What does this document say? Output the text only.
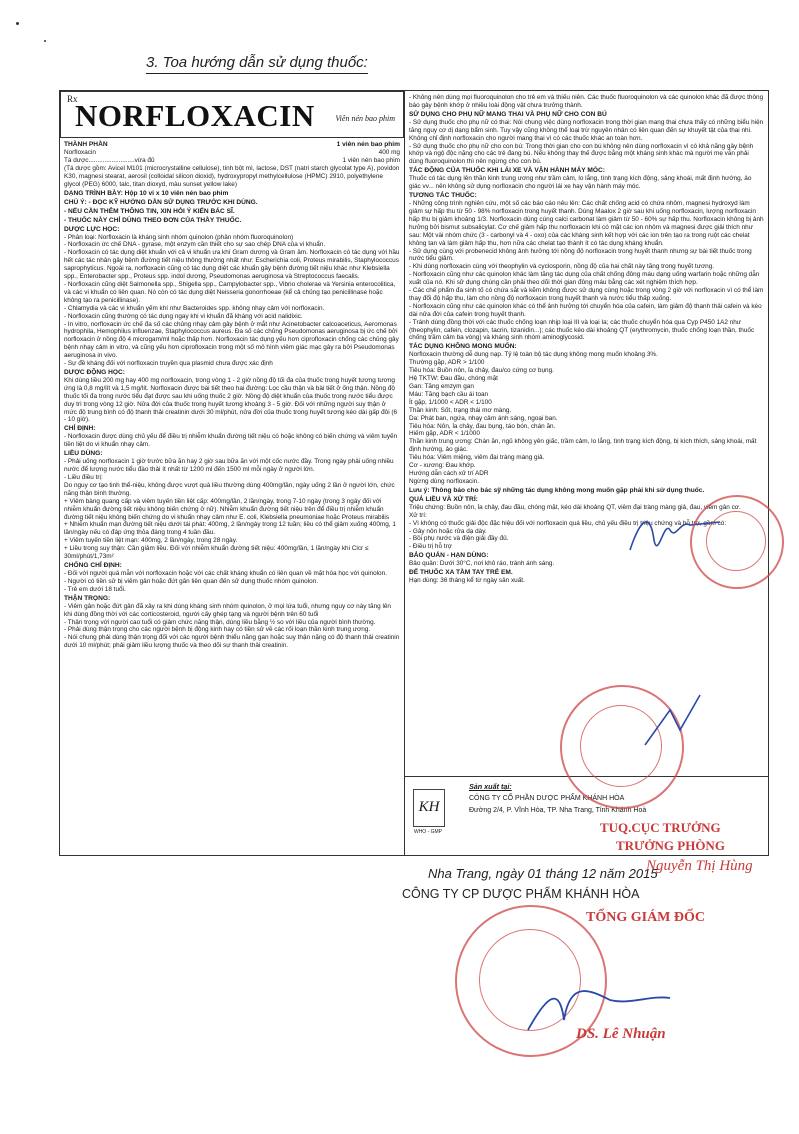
3. Toa hướng dẫn sử dụng thuốc:
Rx
NORFLOXACIN	Viên nén bao phim
THÀNH PHẦN	1 viên nén bao phim
Norfloxacin	400 mg
Tá dược..........................vừa đủ	1 viên nén bao phim
(Tá dược gồm: Avicel M101 (microcrystalline cellulose), tinh bột mì, lactose, DST (natri starch glycolat type A), povidon K30, magnesi stearat, aerosil (colloidal silicon dioxid), hydroxypropyl methylcellulose (HPMC) 2910, polyethylene glycol (PEG) 6000, talc, titan dioxyd, màu sunset yellow lake)
DẠNG TRÌNH BÀY: Hộp 10 vỉ x 10 viên nén bao phim
CHÚ Ý: - ĐỌC KỸ HƯỚNG DẪN SỬ DỤNG TRƯỚC KHI DÙNG.
- NẾU CẦN THÊM THÔNG TIN, XIN HỎI Ý KIẾN BÁC SĨ.
- THUỐC NÀY CHỈ DÙNG THEO ĐƠN CỦA THẦY THUỐC.
DƯỢC LỰC HỌC:
- Phân loại: Norfloxacin là kháng sinh nhóm quinolon (phân nhóm fluoroquinolon)
- Norfloxacin ức chế DNA - gyrase, một enzym cần thiết cho sự sao chép DNA của vi khuẩn.
- Norfloxacin có tác dụng diệt khuẩn với cả vi khuẩn ưa khí Gram dương và Gram âm. Norfloxacin có tác dụng với hầu hết các tác nhân gây bệnh đường tiết niệu thông thường nhất như: Escherichia coli, Proteus mirabilis, Staphylococcus saprophyticus. Ngoài ra, norfloxacin cũng có tác dụng diệt các khuẩn gây bệnh đường tiết niệu khác như Klebsiella spp., Enterobacter spp., Proteus spp. indol dương, Pseudomonas aeruginosa và Streptococcus faecalis.
- Norfloxacin cũng diệt Salmonella spp., Shigella spp., Campylobacter spp., Vibrio cholerae và Yersinia enterocolitica, và các vi khuẩn có liên quan. Nó còn có tác dụng diệt Neisseria gonorrhoeae (kể cả chủng tạo penicillinase hoặc không tạo ra penicillinase).
- Chlamydia và các vi khuẩn yếm khí như Bacteroides spp. không nhạy cảm với norfloxacin.
- Norfloxacin cũng thường có tác dụng ngay khi vi khuẩn đã kháng với acid nalidixic.
- In vitro, norfloxacin ức chế đa số các chủng nhạy cảm gây bệnh ở mắt như Acinetobacter calcoaceticus, Aeromonas hydrophila, Hemophilus influenzae, Staphylococcus aureus. Đa số các chủng Pseudomonas aeruginosa bị ức chế bởi norfloxacin ở nồng độ 4 microgam/ml hoặc thấp hơn. Norfloxacin tác dụng yếu hơn ciprofloxacin chống các chủng gây bệnh nhạy cảm in vitro, và cũng yếu hơn ciprofloxacin trong một số mô hình viêm giác mạc gây ra bởi Pseudomonas aeruginosa in vivo.
- Sự đề kháng đối với norfloxacin truyền qua plasmid chưa được xác định
DƯỢC ĐỘNG HỌC:
Khi dùng liều 200 mg hay 400 mg norfloxacin, trong vòng 1 - 2 giờ nồng độ tối đa của thuốc trong huyết tương tương ứng là 0,8 mg/lít và 1,5 mg/lít. Norfloxacin được bài tiết theo hai đường: Lọc cầu thận và bài tiết ở ống thận. Nồng độ thuốc tối đa trong nước tiểu đạt được sau khi uống thuốc 2 giờ. Nồng độ diệt khuẩn của thuốc trong nước tiểu được duy trì trong vòng 12 giờ. Nửa đời của thuốc trong huyết tương khoảng 3 - 5 giờ. Đối với những người suy thận ở mức độ trung bình có độ thanh thải creatinin dưới 30 ml/phút, nửa đời của thuốc trong huyết tương kéo dài gấp đôi (6 - 10 giờ).
CHỈ ĐỊNH:
- Norfloxacin được dùng chủ yếu để điều trị nhiễm khuẩn đường tiết niệu có hoặc không có biến chứng và viêm tuyến tiền liệt do vi khuẩn nhạy cảm.
LIỀU DÙNG:
- Phải uống norfloxacin 1 giờ trước bữa ăn hay 2 giờ sau bữa ăn với một cốc nước đầy. Trong ngày phải uống nhiều nước để lượng nước tiểu đào thải ít nhất từ 1200 ml đến 1500 ml mỗi ngày ở người lớn.
- Liều điều trị:
Do nguy cơ tạo tinh thể-niệu, không được vượt quá liều thường dùng 400mg/lần, ngày uống 2 lần ở người lớn, chức năng thận bình thường.
+ Viêm bàng quang cấp và viêm tuyến tiền liệt cấp: 400mg/lần, 2 lần/ngày, trong 7-10 ngày (trong 3 ngày đối với nhiễm khuẩn đường tiết niệu không biến chứng ở nữ). Nhiễm khuẩn đường tiết niệu trên để điều trị nhiễm khuẩn đường tiết niệu không biến chứng do vi khuẩn nhạy cảm như E. coli, Klebsiella pneumoniae hoặc Proteus mirabilis
+ Nhiễm khuẩn mạn đường tiết niệu dưới tái phát: 400mg, 2 lần/ngày trong 12 tuần; liều có thể giảm xuống 400mg, 1 lần/ngày nếu có đáp ứng thỏa đáng trong 4 tuần đầu.
+ Viêm tuyến tiền liệt mạn: 400mg, 2 lần/ngày, trong 28 ngày.
+ Liều trong suy thận: Cần giảm liều. Đối với nhiễm khuẩn đường tiết niệu: 400mg/lần, 1 lần/ngày khi Clcr ≤ 30ml/phút/1,73m²
CHỐNG CHỈ ĐỊNH:
- Đối với người quá mẫn với norfloxacin hoặc với các chất kháng khuẩn có liên quan về mặt hóa học với quinolon.
- Người có tiền sử bị viêm gân hoặc đứt gân liên quan đến sử dụng thuốc nhóm quinolon.
- Trẻ em dưới 18 tuổi.
THẬN TRỌNG:
- Viêm gân hoặc đứt gân đã xảy ra khi dùng kháng sinh nhóm quinolon, ở mọi lứa tuổi, nhưng nguy cơ này tăng lên khi dùng đồng thời với các corticosteroid, người cấy ghép tạng và người bệnh trên 60 tuổi
- Thận trọng với người cao tuổi có giảm chức năng thận, dùng liều bằng ½ so với liều của người bình thường.
- Phải dùng thận trọng cho các người bệnh bị động kinh hay có tiền sử về các rối loạn thần kinh trung ương.
- Nói chung phải dùng thận trọng đối với các người bệnh thiểu năng gan hoặc suy thận nặng có độ thanh thải creatinin dưới 10 ml/phút; phải giảm liều lượng thuốc và theo dõi sự thanh thải creatinin.
- Không nên dùng mọi fluoroquinolon cho trẻ em và thiếu niên. Các thuốc fluoroquinolon và các quinolon khác đã được thông báo gây bệnh khớp ở nhiều loài động vật chưa trưởng thành.
SỬ DỤNG CHO PHỤ NỮ MANG THAI VÀ PHỤ NỮ CHO CON BÚ
- Sử dụng thuốc cho phụ nữ có thai: Nói chung việc dùng norfloxacin trong thời gian mang thai chưa thấy có những biểu hiện tăng nguy cơ dị dạng bẩm sinh. Tuy vậy cũng không thể loại trừ nguyên nhân có liên quan đến sự khuyết tật của thai nhi. Không chỉ định norfloxacin cho người mang thai vì có các thuốc khác an toàn hơn.
- Sử dụng thuốc cho phụ nữ cho con bú: Trong thời gian cho con bú không nên dùng norfloxacin vì có khả năng gây bệnh khớp và ngộ độc nặng cho các trẻ đang bú. Nếu không thay thế được bằng một kháng sinh khác mà người mẹ vẫn phải dùng fluoroquinolon thì nên ngừng cho con bú.
TÁC ĐỘNG CỦA THUỐC KHI LÁI XE VÀ VẬN HÀNH MÁY MÓC:
Thuốc có tác dụng lên thần kinh trung ương như trầm cảm, lo lắng, tình trạng kích động, sảng khoái, mất định hướng, ảo giác vv... nên không sử dụng norfloxacin cho người lái xe hay vận hành máy móc.
TƯƠNG TÁC THUỐC:
- Những công trình nghiên cứu, một số các báo cáo nêu lên: Các chất chống acid có chứa nhôm, magnesi hydroxyd làm giảm sự hấp thu từ 50 - 98% norfloxacin trong huyết thanh. Dùng Maalox 2 giờ sau khi uống norfloxacin, lượng norfloxacin hấp thu bị giảm khoảng 1/3. Norfloxacin dùng cùng calci carbonat làm giảm từ 50 - 60% sự hấp thu. Norfloxacin không bị ảnh hưởng bởi bismut subsalicylat. Cơ chế giảm hấp thu norfloxacin khi có mặt các ion nhôm và magnesi được giải thích như sau: Một vài nhóm chức (3 - carbonyl và 4 - oxo) của các kháng sinh kết hợp với các ion trên tạo ra trong ruột các chelat không tan và làm giảm hấp thu, hơn nữa các chelat tạo thành ít có tác dụng kháng khuẩn.
- Sử dụng cùng với probenecid không ảnh hưởng tới nồng độ norfloxacin trong huyết thanh nhưng sự bài tiết thuốc trong nước tiểu giảm.
- Khi dùng norfloxacin cùng với theophylin và cyclosporin, nồng độ của hai chất này tăng trong huyết tương.
- Norfloxacin cũng như các quinolon khác làm tăng tác dụng của chất chống đông máu dạng uống warfarin hoặc những dẫn xuất của nó. Khi sử dụng chúng cần phải theo dõi thời gian đông máu bằng các xét nghiệm thích hợp.
- Các chế phẩm đa sinh tố có chứa sắt và kẽm không được sử dụng cùng hoặc trong vòng 2 giờ với norfloxacin vì có thể làm thay đổi độ hấp thu, làm cho nồng độ norfloxacin trong huyết thanh và nước tiểu thấp xuống.
- Norfloxacin cũng như các quinolon khác có thể ảnh hưởng tới chuyển hóa của cafein, làm giảm độ thanh thải cafein và kéo dài nửa đời của cafein trong huyết thanh.
- Tránh dùng đồng thời với các thuốc chống loạn nhịp loại III và loại Ia; các thuốc chuyển hóa qua Cyp P450 1A2 như (theophylin, cafein, clozapin, tacrin, tizanidin...); các thuốc kéo dài khoảng QT (erythromycin, thuốc chống loạn thần, thuốc chống trầm cảm ba vòng) và kháng sinh nhóm aminoglycosid.
TÁC DỤNG KHÔNG MONG MUỐN:
Norfloxacin thường dễ dung nạp. Tỷ lệ toàn bộ tác dụng không mong muốn khoảng 3%.
Thường gặp, ADR > 1/100
Tiêu hóa: Buồn nôn, ỉa chảy, đau/co cứng cơ bụng.
Hệ TKTW: Đau đầu, chóng mặt
Gan: Tăng emzym gan
Máu: Tăng bạch cầu ái toan
Ít gặp, 1/1000 < ADR < 1/100
Thần kinh: Sốt, trạng thái mơ màng.
Da: Phát ban, ngứa, nhạy cảm ánh sáng, ngoại ban.
Tiêu hóa: Nôn, ỉa chảy, đau bụng, táo bón, chán ăn.
Hiếm gặp, ADR < 1/1000
Thần kinh trung ương: Chán ăn, ngủ không yên giấc, trầm cảm, lo lắng, tình trạng kích động, bị kích thích, sảng khoái, mất định hướng, ảo giác.
Tiêu hóa: Viêm miệng, viêm đại tràng màng giả.
Cơ - xương: Đau khớp.
Hướng dẫn cách xử trí ADR
Ngừng dùng norfloxacin.
Lưu ý: Thông báo cho bác sỹ những tác dụng không mong muốn gặp phải khi sử dụng thuốc.
QUÁ LIỀU VÀ XỬ TRÍ:
Triệu chứng: Buồn nôn, ỉa chảy, đau đầu, chóng mặt, kéo dài khoảng QT, viêm đại tràng màng giả, đau, viêm gân cơ.
Xử trí:
- Vì không có thuốc giải độc đặc hiệu đối với norfloxacin quá liều, chủ yếu điều trị triệu chứng và hỗ trợ, gồm có:
- Gây nôn hoặc rửa dạ dày.
- Bồi phụ nước và điện giải đầy đủ.
- Điều trị hỗ trợ
BẢO QUẢN - HẠN DÙNG:
Bảo quản: Dưới 30°C, nơi khô ráo, tránh ánh sáng.
ĐỂ THUỐC XA TẦM TAY TRẺ EM.
Hạn dùng: 36 tháng kể từ ngày sản xuất.
KH
WHO - GMP
Sản xuất tại:
CÔNG TY CỔ PHẦN DƯỢC PHẨM KHÁNH HÒA
Đường 2/4, P. Vĩnh Hòa, TP. Nha Trang, Tỉnh Khánh Hoà
Nha Trang, ngày 01 tháng 12 năm 2015
CÔNG TY CP DƯỢC PHẨM KHÁNH HÒA
TUQ.CỤC TRƯỞNG
TRƯỞNG PHÒNG
Nguyễn Thị Hùng
TỔNG GIÁM ĐỐC
DS. Lê Nhuận
